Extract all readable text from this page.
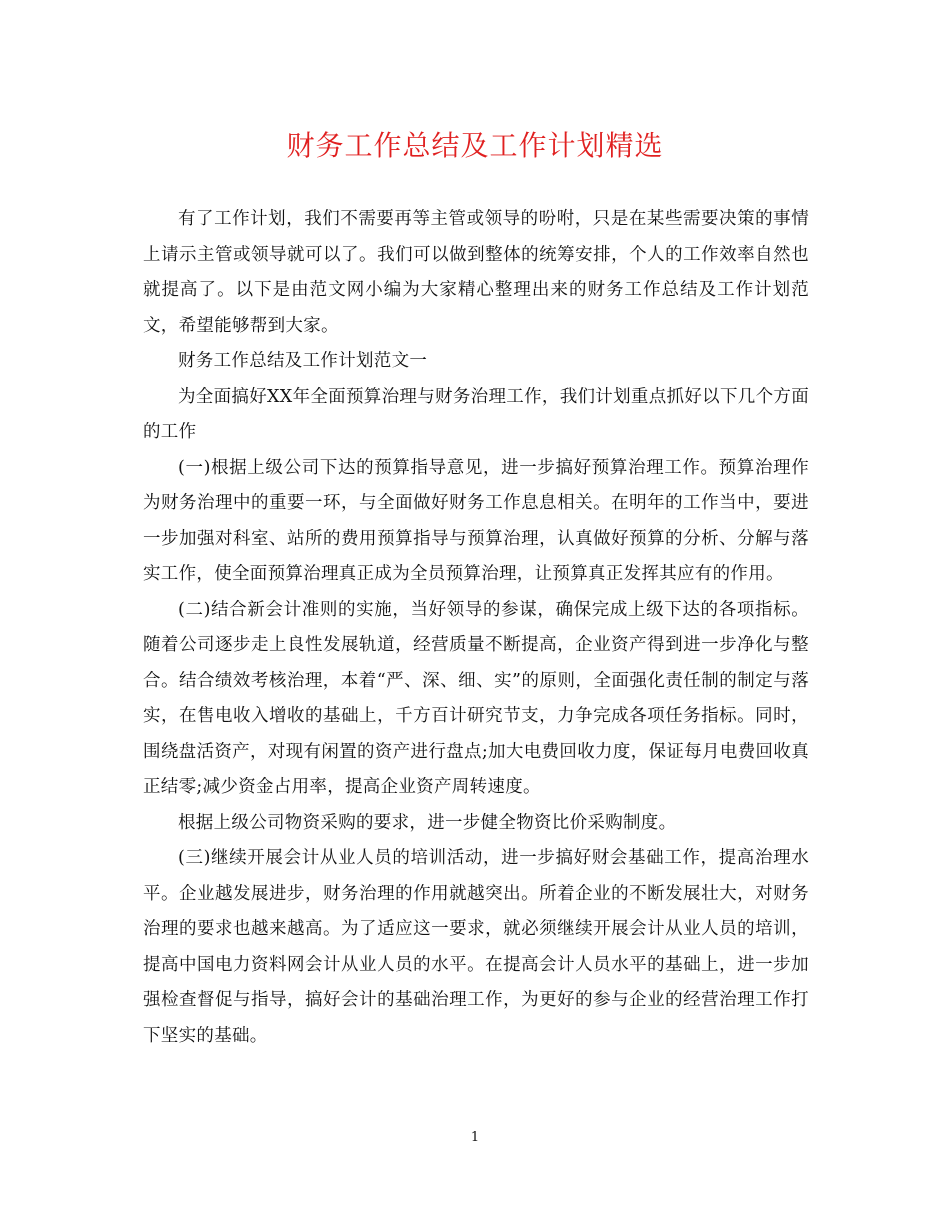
财务工作总结及工作计划精选

有了工作计划，我们不需要再等主管或领导的吩咐，只是在某些需要决策的事情上请示主管或领导就可以了。我们可以做到整体的统筹安排，个人的工作效率自然也就提高了。以下是由范文网小编为大家精心整理出来的财务工作总结及工作计划范文，希望能够帮到大家。

财务工作总结及工作计划范文一

为全面搞好XX年全面预算治理与财务治理工作，我们计划重点抓好以下几个方面的工作

(一)根据上级公司下达的预算指导意见，进一步搞好预算治理工作。预算治理作为财务治理中的重要一环，与全面做好财务工作息息相关。在明年的工作当中，要进一步加强对科室、站所的费用预算指导与预算治理，认真做好预算的分析、分解与落实工作，使全面预算治理真正成为全员预算治理，让预算真正发挥其应有的作用。

(二)结合新会计准则的实施，当好领导的参谋，确保完成上级下达的各项指标。随着公司逐步走上良性发展轨道，经营质量不断提高，企业资产得到进一步净化与整合。结合绩效考核治理，本着“严、深、细、实”的原则，全面强化责任制的制定与落实，在售电收入增收的基础上，千方百计研究节支，力争完成各项任务指标。同时，围绕盘活资产，对现有闲置的资产进行盘点;加大电费回收力度，保证每月电费回收真正结零;减少资金占用率，提高企业资产周转速度。

根据上级公司物资采购的要求，进一步健全物资比价采购制度。

(三)继续开展会计从业人员的培训活动，进一步搞好财会基础工作，提高治理水平。企业越发展进步，财务治理的作用就越突出。所着企业的不断发展壮大，对财务治理的要求也越来越高。为了适应这一要求，就必须继续开展会计从业人员的培训，提高中国电力资料网会计从业人员的水平。在提高会计人员水平的基础上，进一步加强检查督促与指导，搞好会计的基础治理工作，为更好的参与企业的经营治理工作打下坚实的基础。

1
